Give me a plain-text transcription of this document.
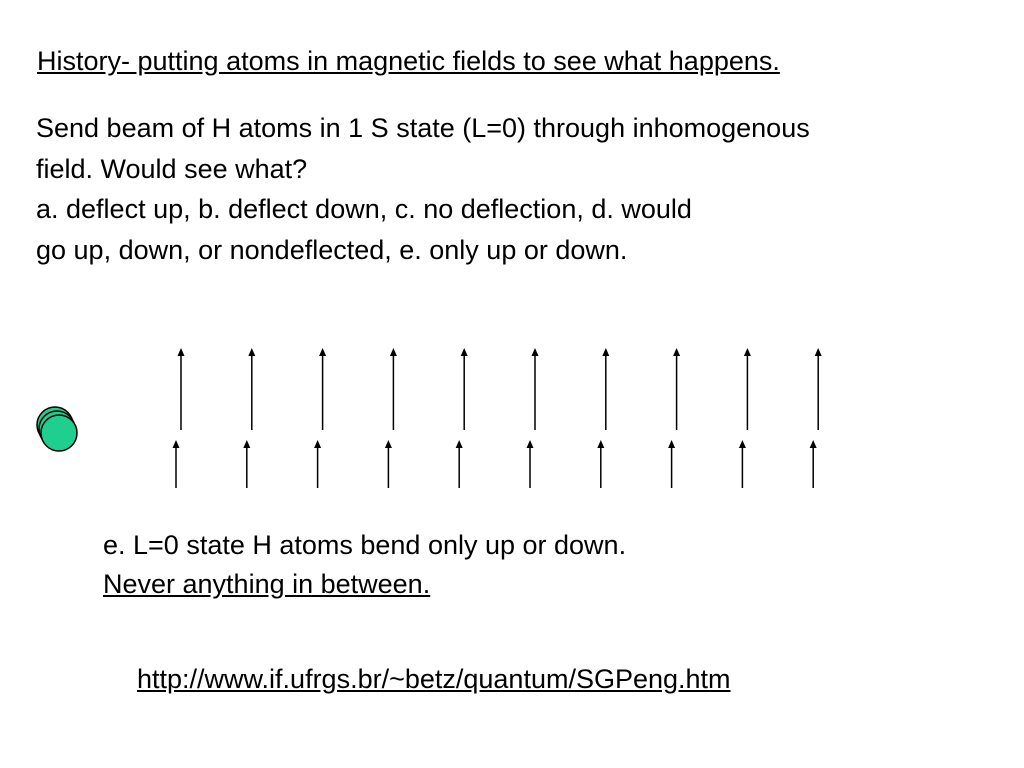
History- putting atoms in magnetic fields to see what happens.
Send beam of H atoms in 1 S state (L=0) through inhomogenous
field. Would see what?
a. deflect up, b. deflect down, c. no deflection, d. would
go up, down, or nondeflected, e. only up or down.
e. L=0 state H atoms bend only up or down.
Never anything in between.
http://www.if.ufrgs.br/~betz/quantum/SGPeng.htm
